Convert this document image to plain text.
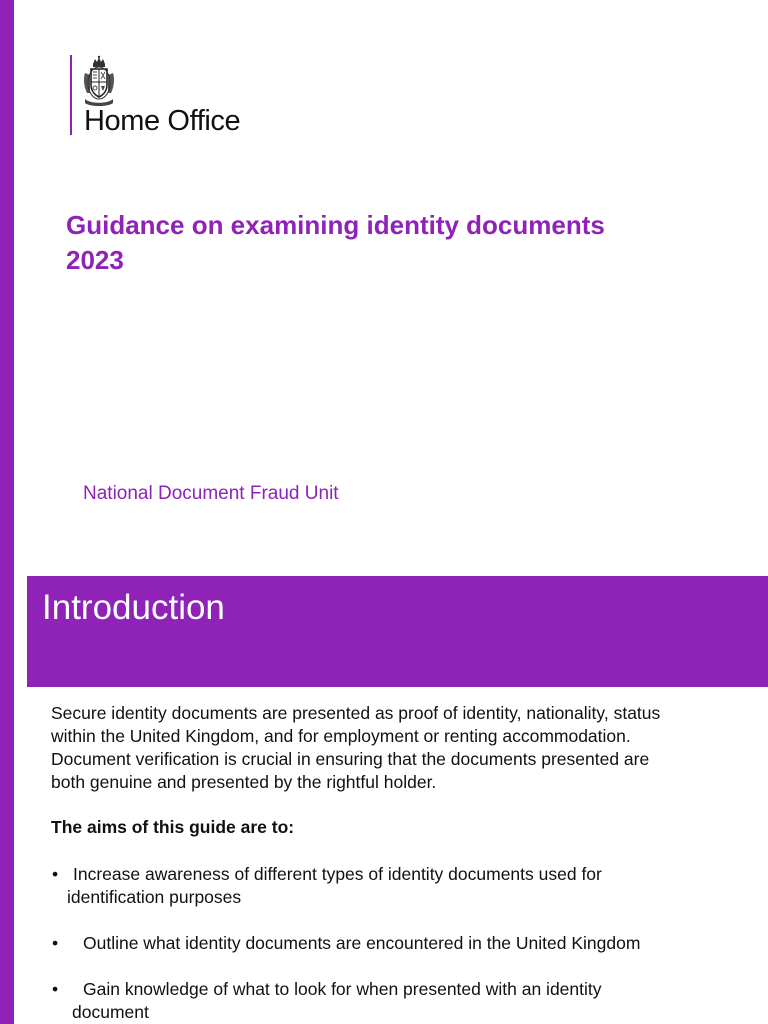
Home Office
Guidance on examining identity documents
2023
National Document Fraud Unit
Introduction

Secure identity documents are presented as proof of identity, nationality, status
within the United Kingdom, and for employment or renting accommodation.
Document verification is crucial in ensuring that the documents presented are
both genuine and presented by the rightful holder.

The aims of this guide are to:
• Increase awareness of different types of identity documents used for
identification purposes
•	Outline what identity documents are encountered in the United Kingdom
•	Gain knowledge of what to look for when presented with an identity
document
